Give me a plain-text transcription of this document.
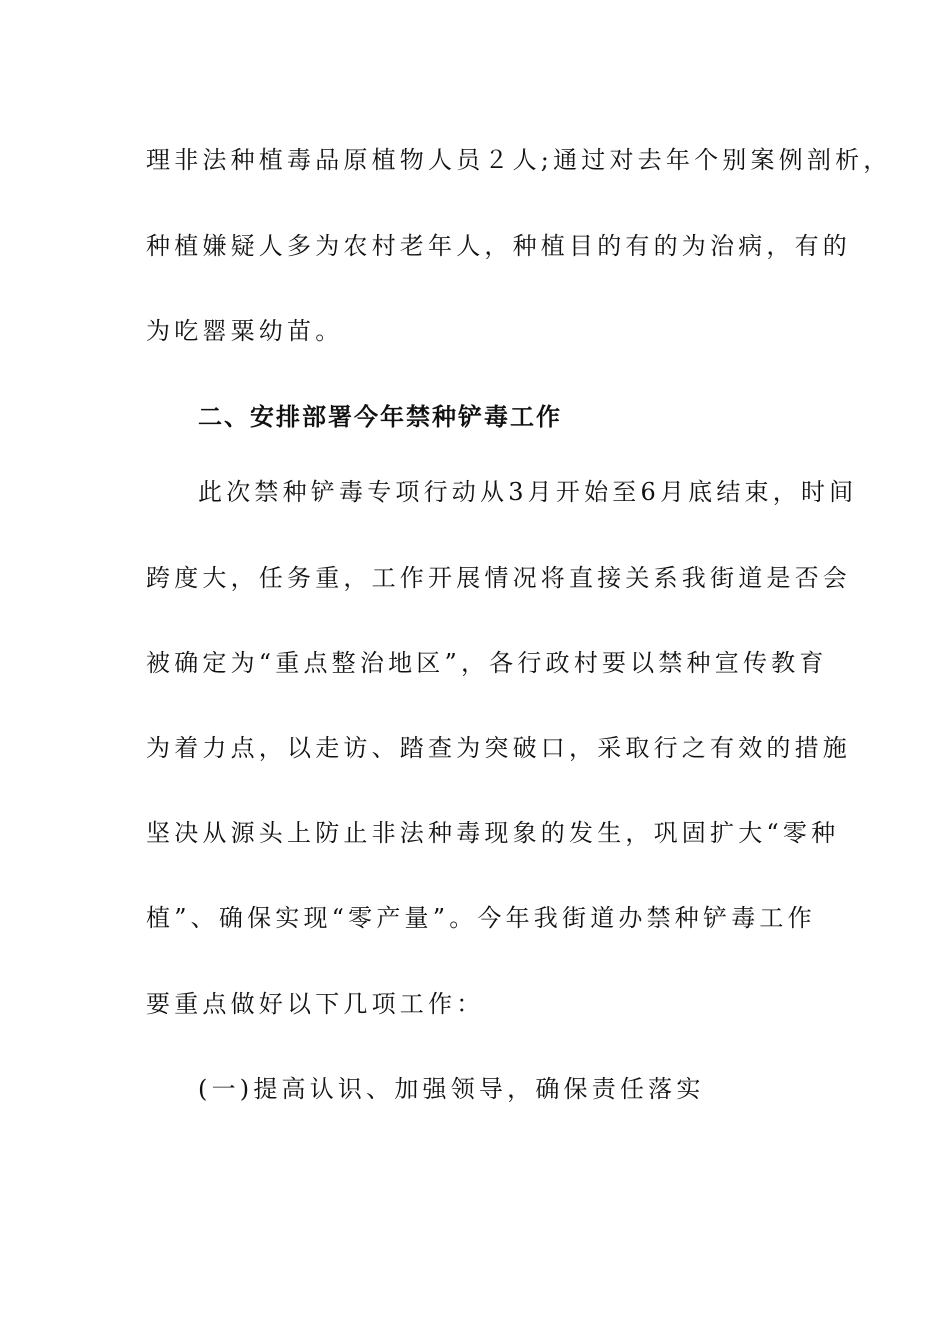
理非法种植毒品原植物人员２人;通过对去年个别案例剖析，
种植嫌疑人多为农村老年人，种植目的有的为治病，有的
为吃罂粟幼苗。
二、安排部署今年禁种铲毒工作
此次禁种铲毒专项行动从3月开始至6月底结束，时间
跨度大，任务重，工作开展情况将直接关系我街道是否会
被确定为“重点整治地区”，各行政村要以禁种宣传教育
为着力点，以走访、踏查为突破口，采取行之有效的措施
坚决从源头上防止非法种毒现象的发生，巩固扩大“零种
植”、确保实现“零产量”。今年我街道办禁种铲毒工作
要重点做好以下几项工作：
(一)提高认识、加强领导，确保责任落实
